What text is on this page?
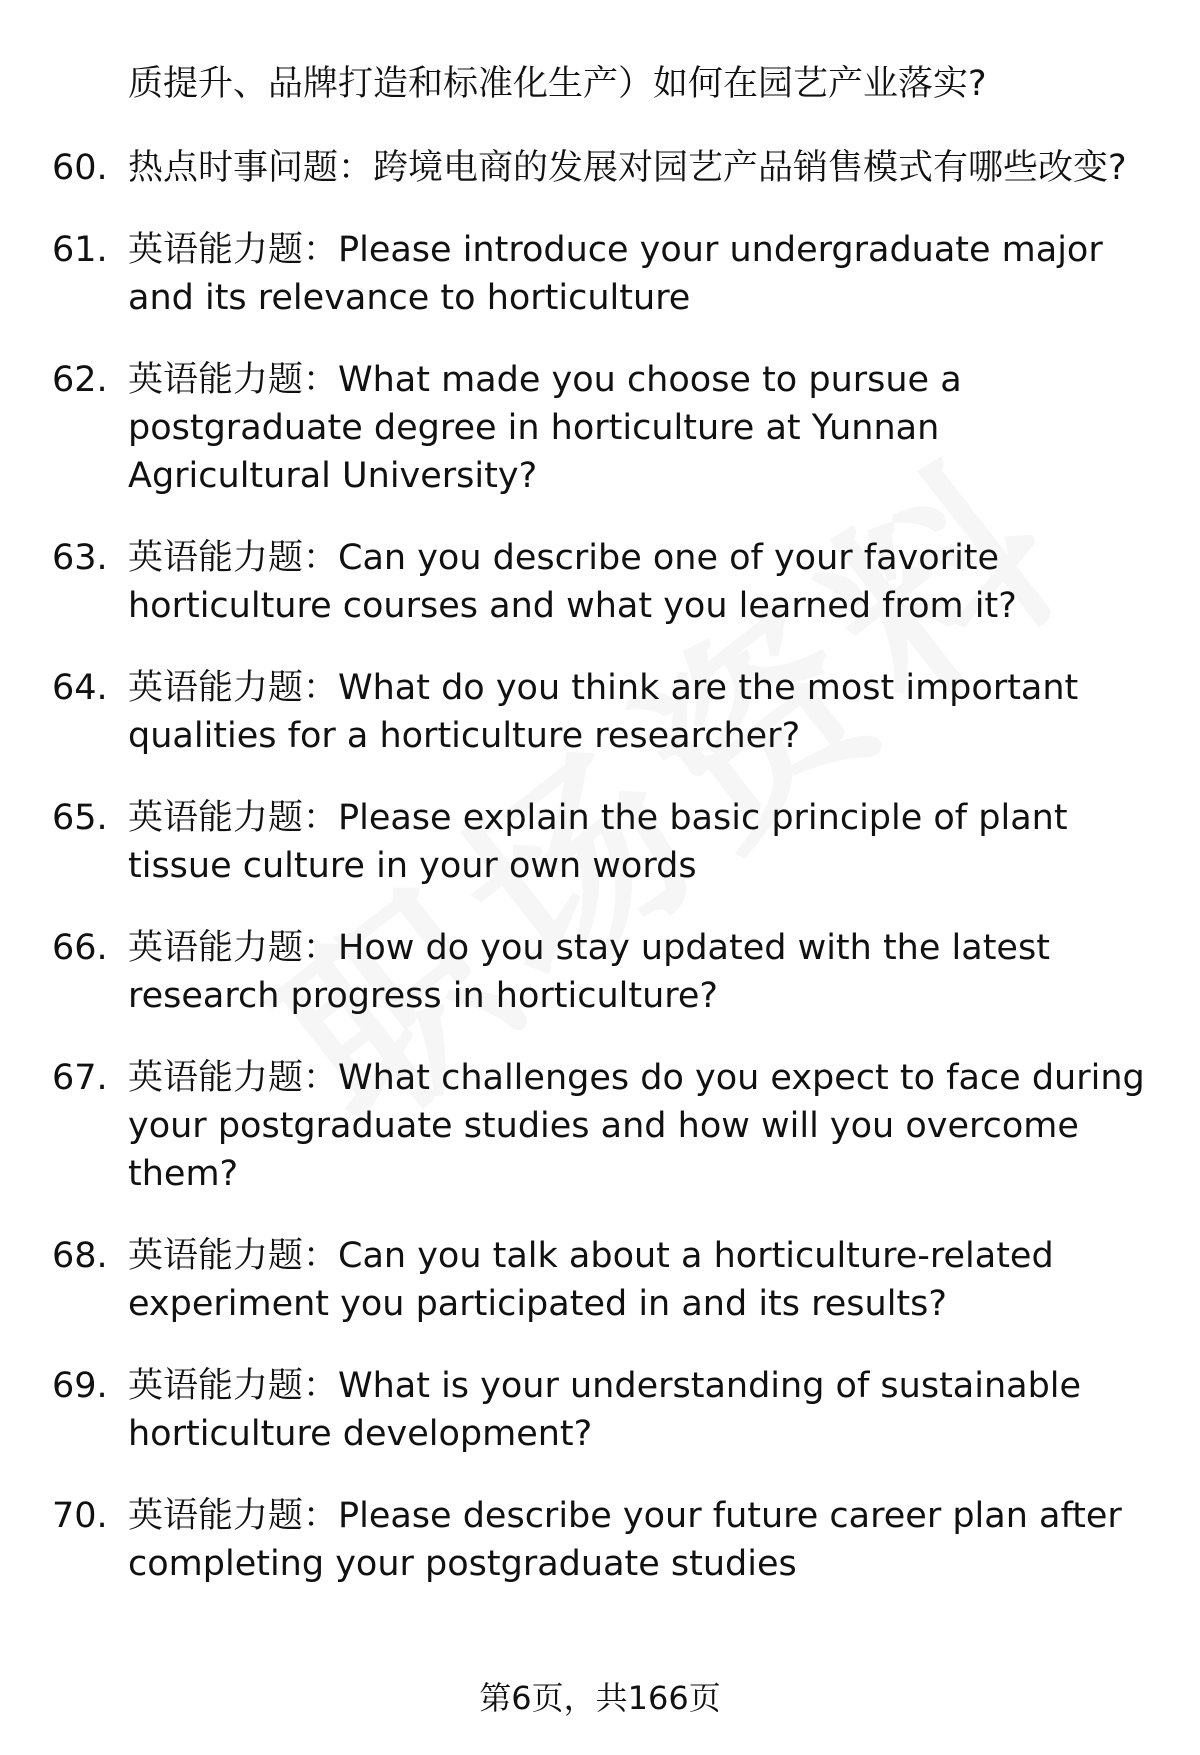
质提升、品牌打造和标准化生产）如何在园艺产业落实?
60. 热点时事问题：跨境电商的发展对园艺产品销售模式有哪些改变?
61. 英语能力题：Please introduce your undergraduate major and its relevance to horticulture
62. 英语能力题：What made you choose to pursue a postgraduate degree in horticulture at Yunnan Agricultural University?
63. 英语能力题：Can you describe one of your favorite horticulture courses and what you learned from it?
64. 英语能力题：What do you think are the most important qualities for a horticulture researcher?
65. 英语能力题：Please explain the basic principle of plant tissue culture in your own words
66. 英语能力题：How do you stay updated with the latest research progress in horticulture?
67. 英语能力题：What challenges do you expect to face during your postgraduate studies and how will you overcome them?
68. 英语能力题：Can you talk about a horticulture-related experiment you participated in and its results?
69. 英语能力题：What is your understanding of sustainable horticulture development?
70. 英语能力题：Please describe your future career plan after completing your postgraduate studies
第6页，共166页
